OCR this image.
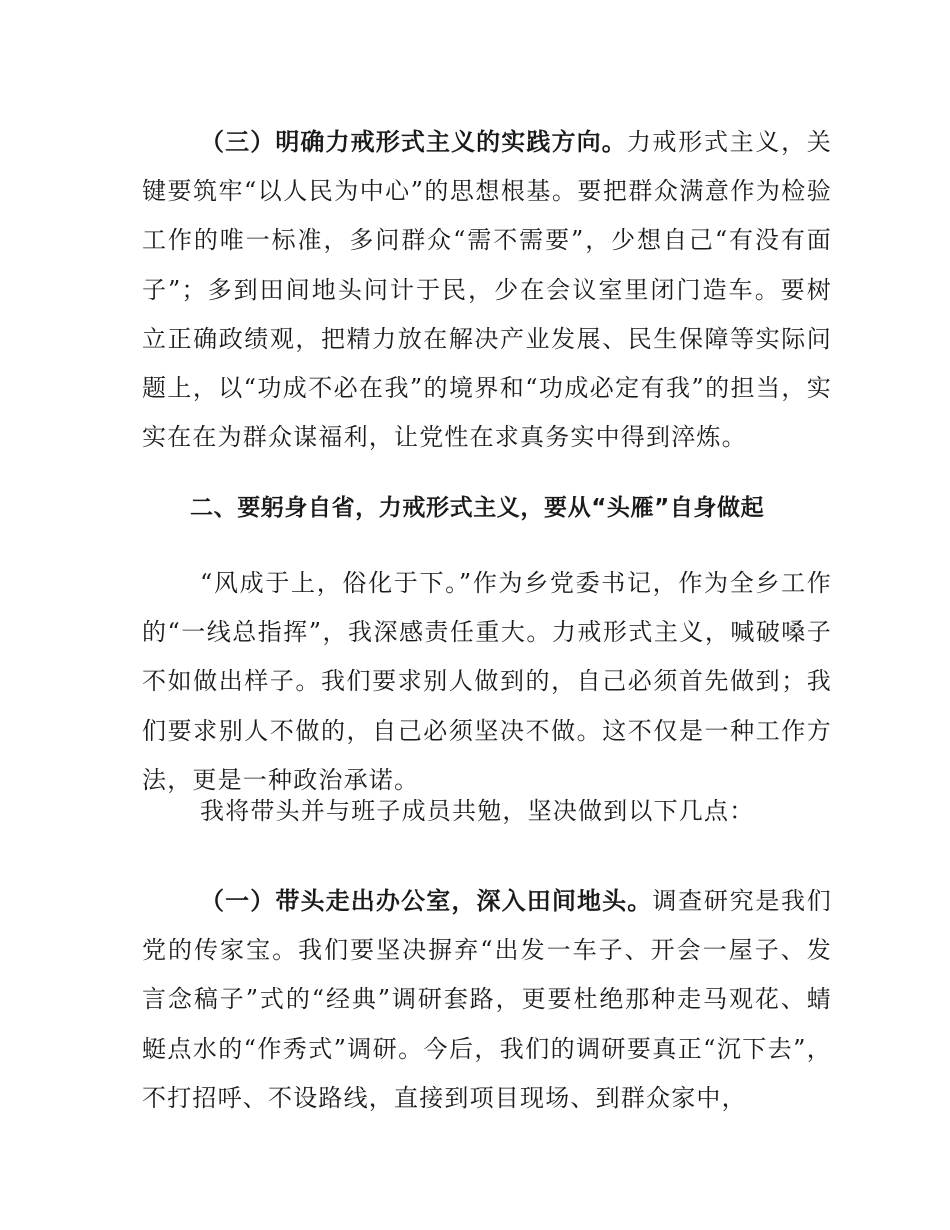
（三）明确力戒形式主义的实践方向。力戒形式主义，关键要筑牢“以人民为中心”的思想根基。要把群众满意作为检验工作的唯一标准，多问群众“需不需要”，少想自己“有没有面子”；多到田间地头问计于民，少在会议室里闭门造车。要树立正确政绩观，把精力放在解决产业发展、民生保障等实际问题上，以“功成不必在我”的境界和“功成必定有我”的担当，实实在在为群众谋福利，让党性在求真务实中得到淬炼。

二、要躬身自省，力戒形式主义，要从“头雁”自身做起

“风成于上，俗化于下。”作为乡党委书记，作为全乡工作的“一线总指挥”，我深感责任重大。力戒形式主义，喊破嗓子不如做出样子。我们要求别人做到的，自己必须首先做到；我们要求别人不做的，自己必须坚决不做。这不仅是一种工作方法，更是一种政治承诺。

我将带头并与班子成员共勉，坚决做到以下几点：

（一）带头走出办公室，深入田间地头。调查研究是我们党的传家宝。我们要坚决摒弃“出发一车子、开会一屋子、发言念稿子”式的“经典”调研套路，更要杜绝那种走马观花、蜻蜓点水的“作秀式”调研。今后，我们的调研要真正“沉下去”，不打招呼、不设路线，直接到项目现场、到群众家中，
